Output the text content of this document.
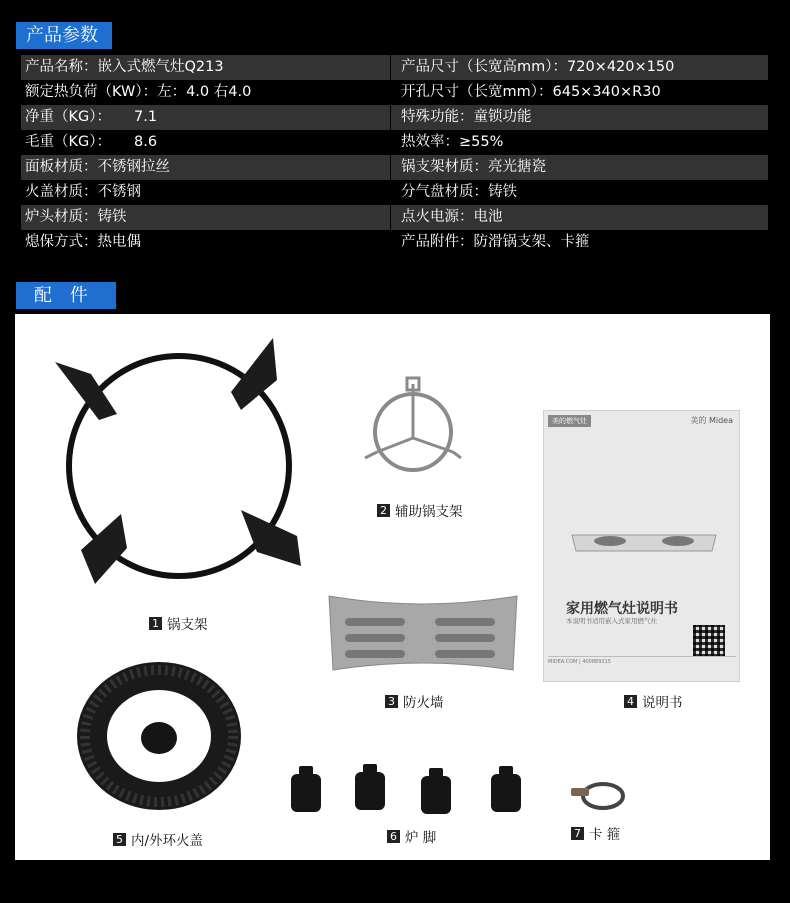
产品参数
产品名称：嵌入式燃气灶Q213	产品尺寸（长宽高mm）：720×420×150
额定热负荷（KW）：左：4.0 右4.0	开孔尺寸（长宽mm）：645×340×R30
净重（KG）：     7.1	特殊功能：童锁功能
毛重（KG）：     8.6	热效率：≥55%
面板材质：不锈钢拉丝	锅支架材质：亮光搪瓷
火盖材质：不锈钢	分气盘材质：铸铁
炉头材质：铸铁	点火电源：电池
熄保方式：热电偶	产品附件：防滑锅支架、卡箍
配 件
1 锅支架
2 辅助锅支架
3 防火墙
美的燃气灶	美的 Midea
家用燃气灶说明书
本说明书适用嵌入式家用燃气灶
MIDEA.COM | 400889315
4 说明书
5 内/外环火盖	6 炉 脚	7 卡 箍
